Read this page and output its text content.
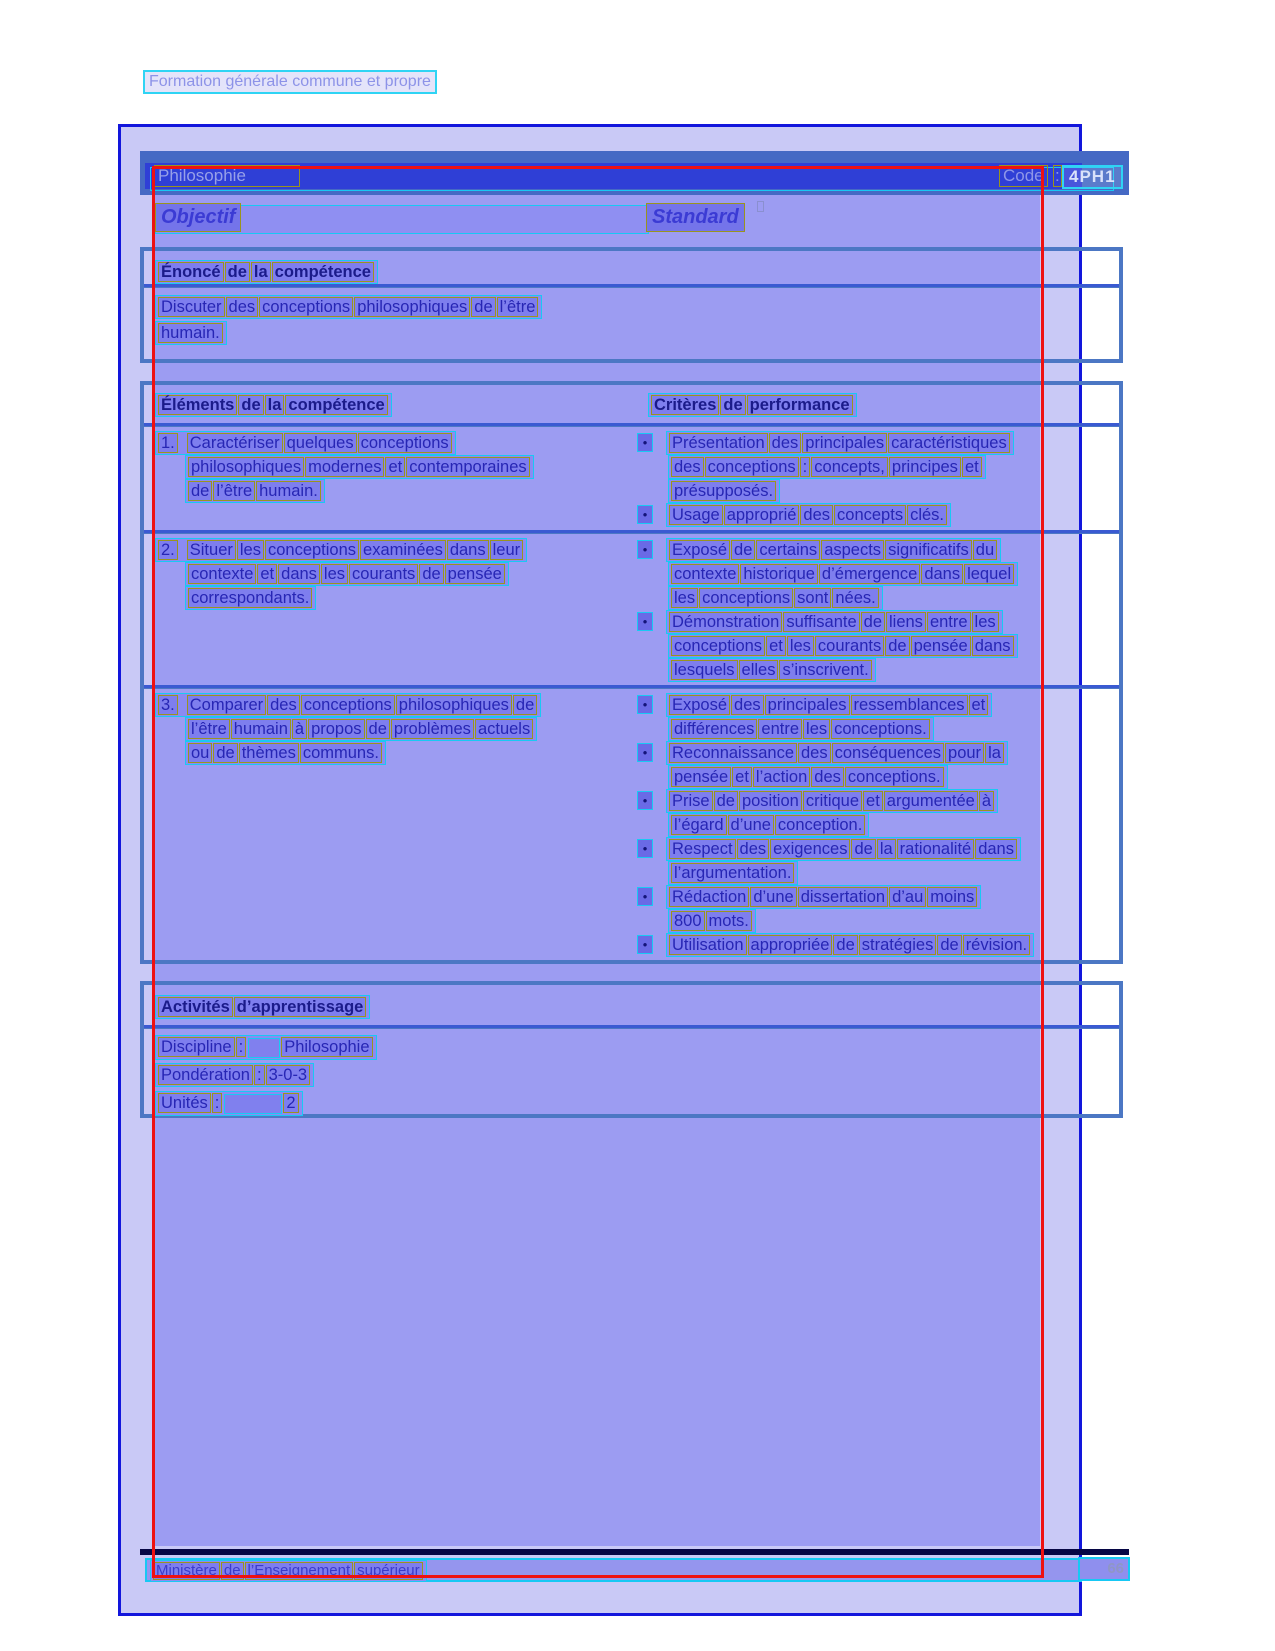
Formation générale commune et propre
Philosophie	Code : 4PH1
Objectif	Standard
Énoncé de la compétence
Discuter des conceptions philosophiques de l’être
humain.
Éléments de la compétence	Critères de performance
1. Caractériser quelques conceptions
philosophiques modernes et contemporaines
de l’être humain.
• Présentation des principales caractéristiques
des conceptions : concepts, principes et
présupposés.
• Usage approprié des concepts clés.
2. Situer les conceptions examinées dans leur
contexte et dans les courants de pensée
correspondants.
• Exposé de certains aspects significatifs du
contexte historique d’émergence dans lequel
les conceptions sont nées.
• Démonstration suffisante de liens entre les
conceptions et les courants de pensée dans
lesquels elles s’inscrivent.
3. Comparer des conceptions philosophiques de
l’être humain à propos de problèmes actuels
ou de thèmes communs.
• Exposé des principales ressemblances et
différences entre les conceptions.
• Reconnaissance des conséquences pour la
pensée et l’action des conceptions.
• Prise de position critique et argumentée à
l’égard d’une conception.
• Respect des exigences de la rationalité dans
l’argumentation.
• Rédaction d’une dissertation d’au moins
800 mots.
• Utilisation appropriée de stratégies de révision.
Activités d’apprentissage
Discipline : Philosophie
Pondération : 3-0-3
Unités :	2
Ministère de l’Enseignement supérieur	66
